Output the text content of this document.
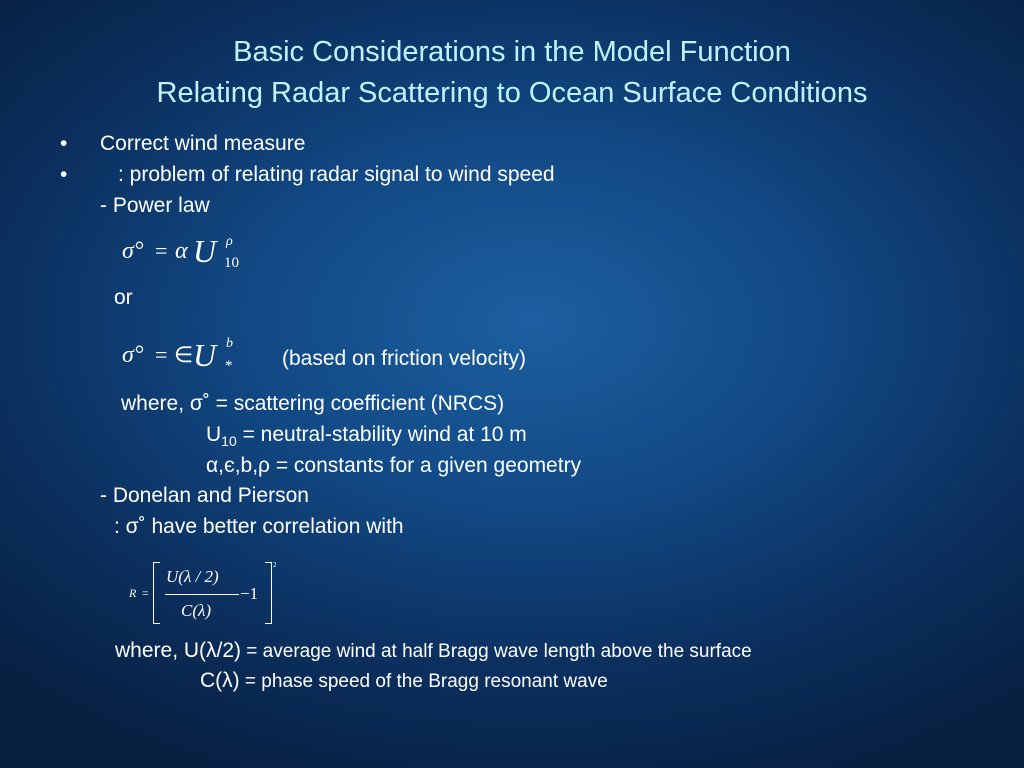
Basic Considerations in the Model Function
Relating Radar Scattering to Ocean Surface Conditions
• Correct wind measure
• : problem of relating radar signal to wind speed
- Power law
σ° = α U ρ
10
or
σ° = ∈ U b
* (based on friction velocity)
where, σ˚ = scattering coefficient (NRCS)
$U_{10}$ = neutral-stability wind at 10 m
α,є,b,ρ = constants for a given geometry
- Donelan and Pierson
: σ˚ have better correlation with
R =
U(λ / 2)
C(λ)
−1
2
where, U(λ/2) = average wind at half Bragg wave length above the surface
C(λ) = phase speed of the Bragg resonant wave
